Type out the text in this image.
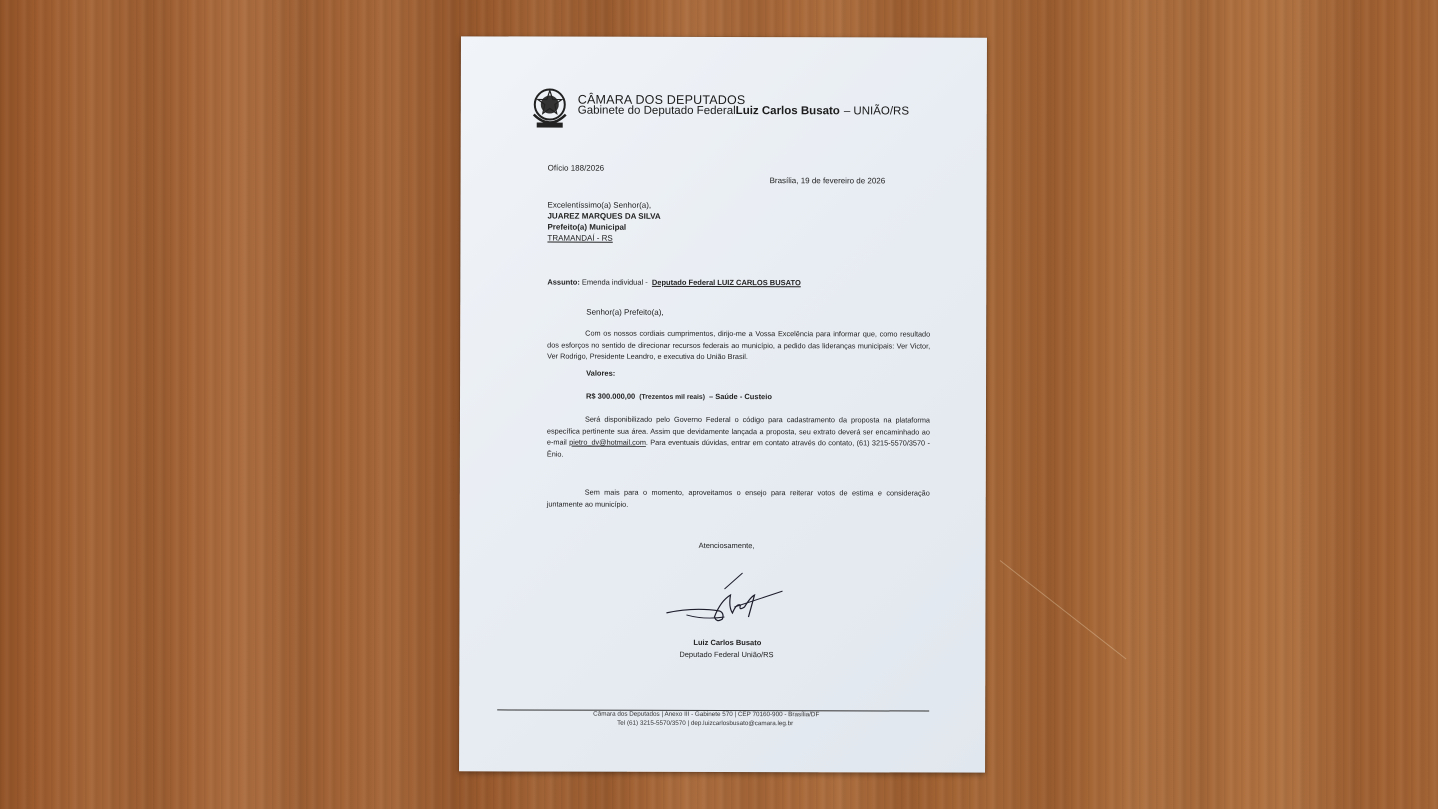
CÂMARA DOS DEPUTADOS
Gabinete do Deputado FederalLuiz Carlos Busato – UNIÃO/RS
Ofício 188/2026
Brasília, 19 de fevereiro de 2026
Excelentíssimo(a) Senhor(a),
JUAREZ MARQUES DA SILVA
Prefeito(a) Municipal
TRAMANDAÍ - RS
Assunto: Emenda individual - Deputado Federal LUIZ CARLOS BUSATO
Senhor(a) Prefeito(a),
Com os nossos cordiais cumprimentos, dirijo-me a Vossa Excelência para informar que, como resultado dos esforços no sentido de direcionar recursos federais ao município, a pedido das lideranças municipais: Ver Victor, Ver Rodrigo, Presidente Leandro, e executiva do União Brasil.
Valores:
R$ 300.000,00 (Trezentos mil reais) – Saúde - Custeio
Será disponibilizado pelo Governo Federal o código para cadastramento da proposta na plataforma específica pertinente sua área. Assim que devidamente lançada a proposta, seu extrato deverá ser encaminhado ao e-mail pietro_dv@hotmail.com. Para eventuais dúvidas, entrar em contato através do contato, (61) 3215-5570/3570 - Ênio.
Sem mais para o momento, aproveitamos o ensejo para reiterar votos de estima e consideração juntamente ao município.
Atenciosamente,
Luiz Carlos Busato
Deputado Federal União/RS
Câmara dos Deputados | Anexo III - Gabinete 570 | CEP 70160-900 - Brasília/DF
Tel (61) 3215-5570/3570 | dep.luizcarlosbusato@camara.leg.br
